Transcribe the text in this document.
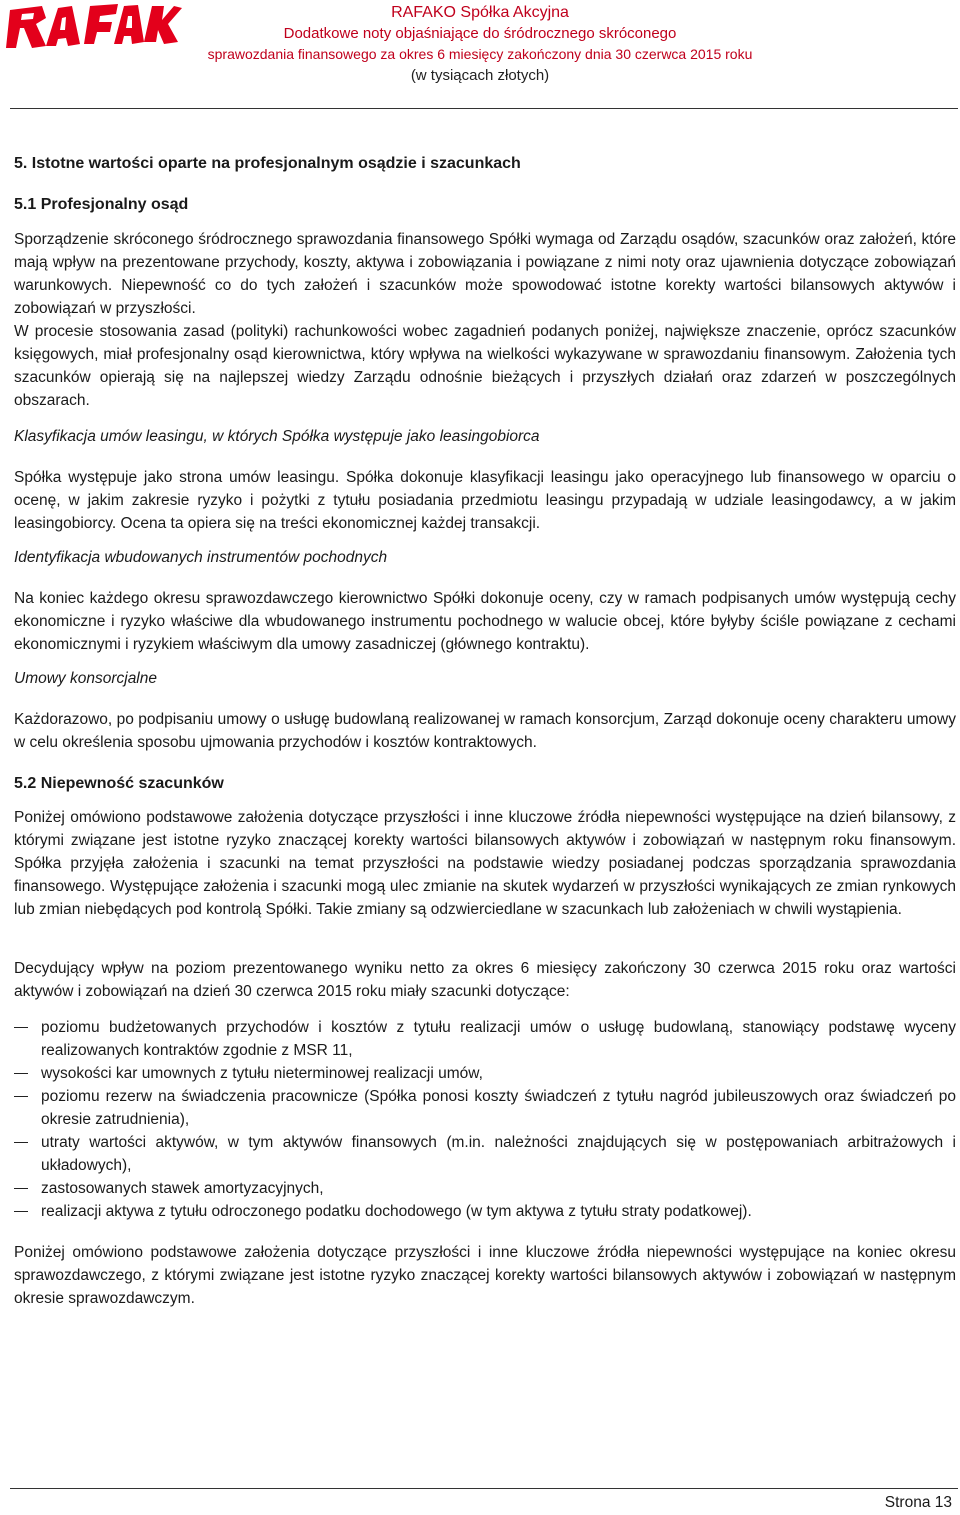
RAFAKO Spółka Akcyjna
Dodatkowe noty objaśniające do śródrocznego skróconego
sprawozdania finansowego za okres 6 miesięcy zakończony dnia 30 czerwca 2015 roku
(w tysiącach złotych)
5. Istotne wartości oparte na profesjonalnym osądzie i szacunkach
5.1 Profesjonalny osąd

Sporządzenie skróconego śródrocznego sprawozdania finansowego Spółki wymaga od Zarządu osądów, szacunków oraz założeń, które mają wpływ na prezentowane przychody, koszty, aktywa i zobowiązania i powiązane z nimi noty oraz ujawnienia dotyczące zobowiązań warunkowych. Niepewność co do tych założeń i szacunków może spowodować istotne korekty wartości bilansowych aktywów i zobowiązań w przyszłości.

W procesie stosowania zasad (polityki) rachunkowości wobec zagadnień podanych poniżej, największe znaczenie, oprócz szacunków księgowych, miał profesjonalny osąd kierownictwa, który wpływa na wielkości wykazywane w sprawozdaniu finansowym. Założenia tych szacunków opierają się na najlepszej wiedzy Zarządu odnośnie bieżących i przyszłych działań oraz zdarzeń w poszczególnych obszarach.

Klasyfikacja umów leasingu, w których Spółka występuje jako leasingobiorca

Spółka występuje jako strona umów leasingu. Spółka dokonuje klasyfikacji leasingu jako operacyjnego lub finansowego w oparciu o ocenę, w jakim zakresie ryzyko i pożytki z tytułu posiadania przedmiotu leasingu przypadają w udziale leasingodawcy, a w jakim leasingobiorcy. Ocena ta opiera się na treści ekonomicznej każdej transakcji.

Identyfikacja wbudowanych instrumentów pochodnych

Na koniec każdego okresu sprawozdawczego kierownictwo Spółki dokonuje oceny, czy w ramach podpisanych umów występują cechy ekonomiczne i ryzyko właściwe dla wbudowanego instrumentu pochodnego w walucie obcej, które byłyby ściśle powiązane z cechami ekonomicznymi i ryzykiem właściwym dla umowy zasadniczej (głównego kontraktu).

Umowy konsorcjalne

Każdorazowo, po podpisaniu umowy o usługę budowlaną realizowanej w ramach konsorcjum, Zarząd dokonuje oceny charakteru umowy w celu określenia sposobu ujmowania przychodów i kosztów kontraktowych.

5.2 Niepewność szacunków

Poniżej omówiono podstawowe założenia dotyczące przyszłości i inne kluczowe źródła niepewności występujące na dzień bilansowy, z którymi związane jest istotne ryzyko znaczącej korekty wartości bilansowych aktywów i zobowiązań w następnym roku finansowym. Spółka przyjęła założenia i szacunki na temat przyszłości na podstawie wiedzy posiadanej podczas sporządzania sprawozdania finansowego. Występujące założenia i szacunki mogą ulec zmianie na skutek wydarzeń w przyszłości wynikających ze zmian rynkowych lub zmian niebędących pod kontrolą Spółki. Takie zmiany są odzwierciedlane w szacunkach lub założeniach w chwili wystąpienia.

Decydujący wpływ na poziom prezentowanego wyniku netto za okres 6 miesięcy zakończony 30 czerwca 2015 roku oraz wartości aktywów i zobowiązań na dzień 30 czerwca 2015 roku miały szacunki dotyczące:

poziomu budżetowanych przychodów i kosztów z tytułu realizacji umów o usługę budowlaną, stanowiący podstawę wyceny realizowanych kontraktów zgodnie z MSR 11,
wysokości kar umownych z tytułu nieterminowej realizacji umów,
poziomu rezerw na świadczenia pracownicze (Spółka ponosi koszty świadczeń z tytułu nagród jubileuszowych oraz świadczeń po okresie zatrudnienia),
utraty wartości aktywów, w tym aktywów finansowych (m.in. należności znajdujących się w postępowaniach arbitrażowych i układowych),
zastosowanych stawek amortyzacyjnych,
realizacji aktywa z tytułu odroczonego podatku dochodowego (w tym aktywa z tytułu straty podatkowej).

Poniżej omówiono podstawowe założenia dotyczące przyszłości i inne kluczowe źródła niepewności występujące na koniec okresu sprawozdawczego, z którymi związane jest istotne ryzyko znaczącej korekty wartości bilansowych aktywów i zobowiązań w następnym okresie sprawozdawczym.

Strona 13
